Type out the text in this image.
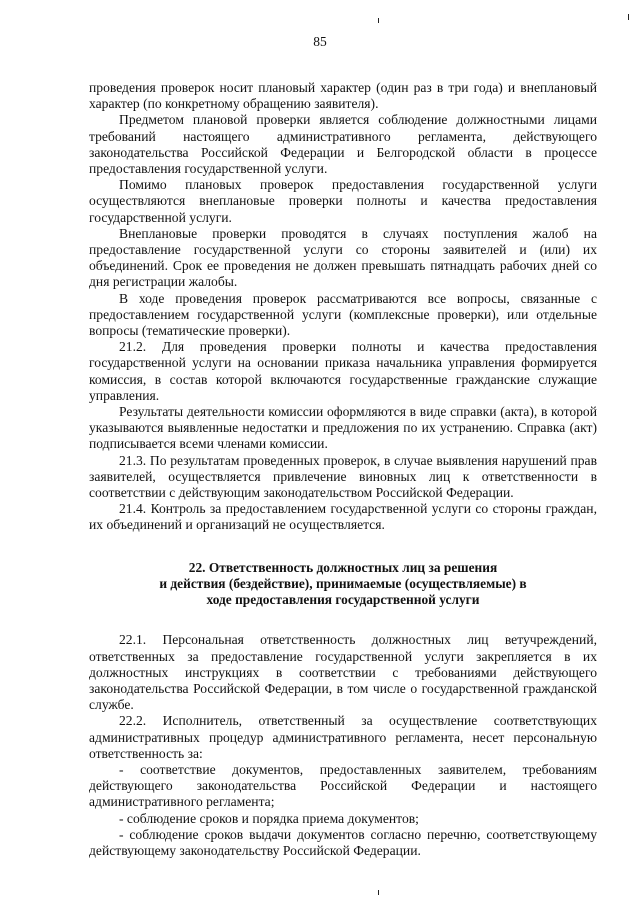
85

проведения проверок носит плановый характер (один раз в три года) и внеплановый характер (по конкретному обращению заявителя).

Предметом плановой проверки является соблюдение должностными лицами требований настоящего административного регламента, действующего законодательства Российской Федерации и Белгородской области в процессе предоставления государственной услуги.

Помимо плановых проверок предоставления государственной услуги осуществляются внеплановые проверки полноты и качества предоставления государственной услуги.

Внеплановые проверки проводятся в случаях поступления жалоб на предоставление государственной услуги со стороны заявителей и (или) их объединений. Срок ее проведения не должен превышать пятнадцать рабочих дней со дня регистрации жалобы.

В ходе проведения проверок рассматриваются все вопросы, связанные с предоставлением государственной услуги (комплексные проверки), или отдельные вопросы (тематические проверки).

21.2. Для проведения проверки полноты и качества предоставления государственной услуги на основании приказа начальника управления формируется комиссия, в состав которой включаются государственные гражданские служащие управления.

Результаты деятельности комиссии оформляются в виде справки (акта), в которой указываются выявленные недостатки и предложения по их устранению. Справка (акт) подписывается всеми членами комиссии.

21.3. По результатам проведенных проверок, в случае выявления нарушений прав заявителей, осуществляется привлечение виновных лиц к ответственности в соответствии с действующим законодательством Российской Федерации.

21.4. Контроль за предоставлением государственной услуги со стороны граждан, их объединений и организаций не осуществляется.

22. Ответственность должностных лиц за решения
и действия (бездействие), принимаемые (осуществляемые) в
ходе предоставления государственной услуги

22.1. Персональная ответственность должностных лиц ветучреждений, ответственных за предоставление государственной услуги закрепляется в их должностных инструкциях в соответствии с требованиями действующего законодательства Российской Федерации, в том числе о государственной гражданской службе.

22.2. Исполнитель, ответственный за осуществление соответствующих административных процедур административного регламента, несет персональную ответственность за:

- соответствие документов, предоставленных заявителем, требованиям действующего законодательства Российской Федерации и настоящего административного регламента;

- соблюдение сроков и порядка приема документов;

- соблюдение сроков выдачи документов согласно перечню, соответствующему действующему законодательству Российской Федерации.
